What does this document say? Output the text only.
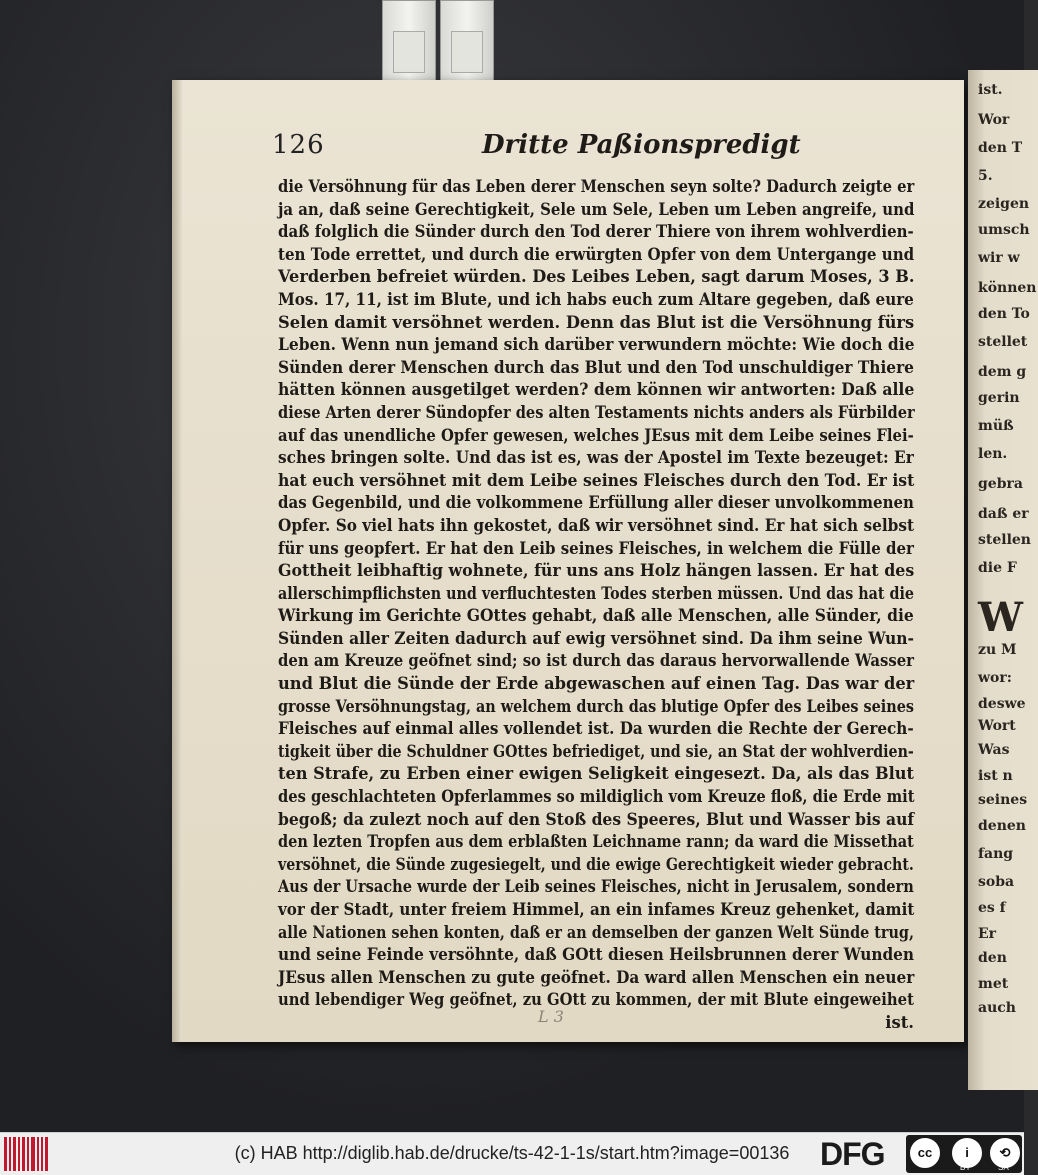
126	Dritte Paßionspredigt
die Versöhnung für das Leben derer Menschen seyn solte? Dadurch zeigte er
ja an, daß seine Gerechtigkeit, Sele um Sele, Leben um Leben angreife, und
daß folglich die Sünder durch den Tod derer Thiere von ihrem wohlverdien-
ten Tode errettet, und durch die erwürgten Opfer von dem Untergange und
Verderben befreiet würden. Des Leibes Leben, sagt darum Moses, 3 B.
Mos. 17, 11, ist im Blute, und ich habs euch zum Altare gegeben, daß eure
Selen damit versöhnet werden. Denn das Blut ist die Versöhnung fürs
Leben. Wenn nun jemand sich darüber verwundern möchte: Wie doch die
Sünden derer Menschen durch das Blut und den Tod unschuldiger Thiere
hätten können ausgetilget werden? dem können wir antworten: Daß alle
diese Arten derer Sündopfer des alten Testaments nichts anders als Fürbilder
auf das unendliche Opfer gewesen, welches JEsus mit dem Leibe seines Flei-
sches bringen solte. Und das ist es, was der Apostel im Texte bezeuget: Er
hat euch versöhnet mit dem Leibe seines Fleisches durch den Tod. Er ist
das Gegenbild, und die volkommene Erfüllung aller dieser unvolkommenen
Opfer. So viel hats ihn gekostet, daß wir versöhnet sind. Er hat sich selbst
für uns geopfert. Er hat den Leib seines Fleisches, in welchem die Fülle der
Gottheit leibhaftig wohnete, für uns ans Holz hängen lassen. Er hat des
allerschimpflichsten und verfluchtesten Todes sterben müssen. Und das hat die
Wirkung im Gerichte GOttes gehabt, daß alle Menschen, alle Sünder, die
Sünden aller Zeiten dadurch auf ewig versöhnet sind. Da ihm seine Wun-
den am Kreuze geöfnet sind; so ist durch das daraus hervorwallende Wasser
und Blut die Sünde der Erde abgewaschen auf einen Tag. Das war der
grosse Versöhnungstag, an welchem durch das blutige Opfer des Leibes seines
Fleisches auf einmal alles vollendet ist. Da wurden die Rechte der Gerech-
tigkeit über die Schuldner GOttes befriediget, und sie, an Stat der wohlverdien-
ten Strafe, zu Erben einer ewigen Seligkeit eingesezt. Da, als das Blut
des geschlachteten Opferlammes so mildiglich vom Kreuze floß, die Erde mit
begoß; da zulezt noch auf den Stoß des Speeres, Blut und Wasser bis auf
den lezten Tropfen aus dem erblaßten Leichname rann; da ward die Missethat
versöhnet, die Sünde zugesiegelt, und die ewige Gerechtigkeit wieder gebracht.
Aus der Ursache wurde der Leib seines Fleisches, nicht in Jerusalem, sondern
vor der Stadt, unter freiem Himmel, an ein infames Kreuz gehenket, damit
alle Nationen sehen konten, daß er an demselben der ganzen Welt Sünde trug,
und seine Feinde versöhnte, daß GOtt diesen Heilsbrunnen derer Wunden
JEsus allen Menschen zu gute geöfnet. Da ward allen Menschen ein neuer
und lebendiger Weg geöfnet, zu GOtt zu kommen, der mit Blute eingeweihet
ist.
L 3
ist.
Wor
den T
5.
zeigen
umsch
wir w
können
den To
stellet
dem g
gerin
müß
len.
gebra
daß er
stellen
die F
W
zu M
wor:
deswe
Wort
Was
ist n
seines
denen
fang
soba
es f
Er
den
met
auch
(c) HAB http://diglib.hab.de/drucke/ts-42-1-1s/start.htm?image=00136 DFG	cc	i	⟲
BY	SA
